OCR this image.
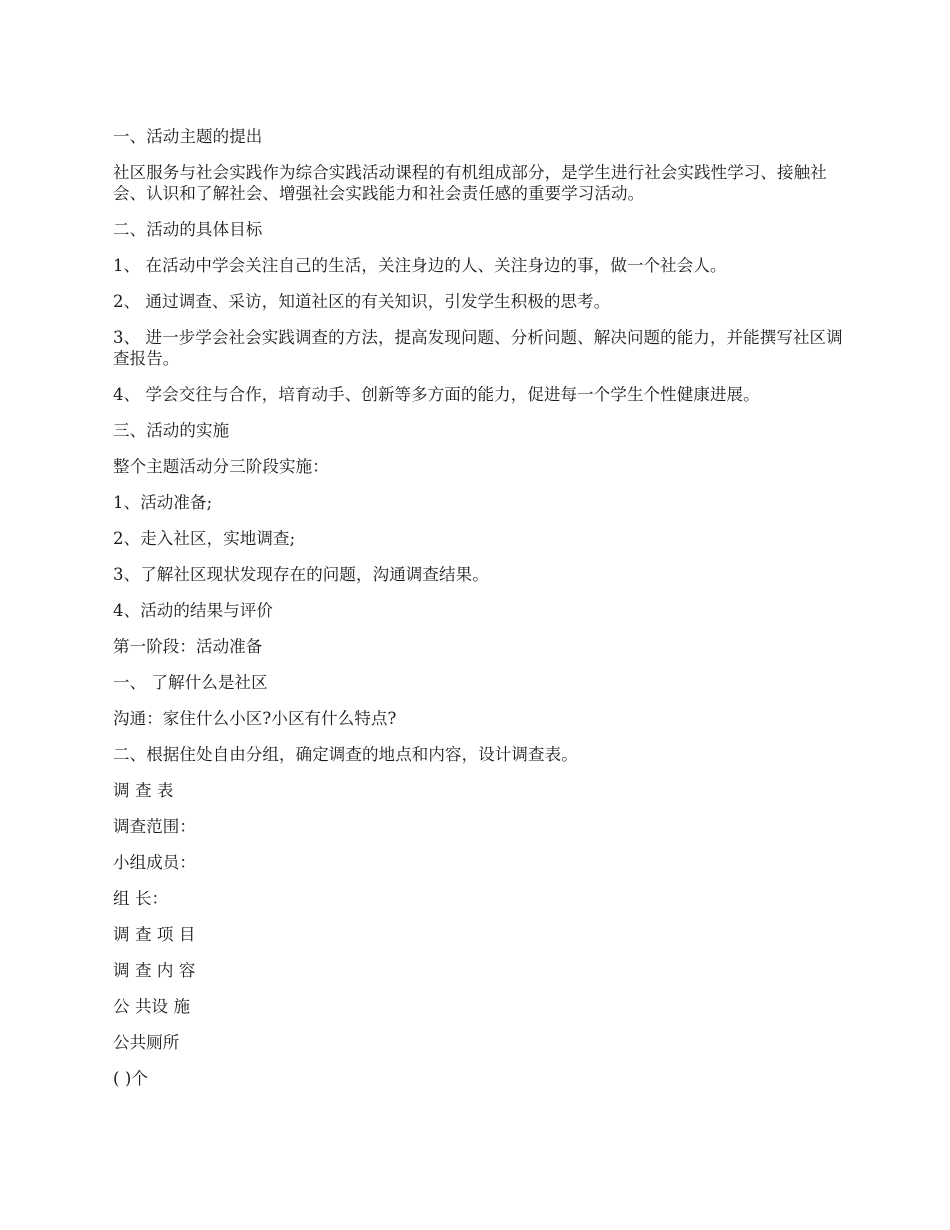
一、活动主题的提出

社区服务与社会实践作为综合实践活动课程的有机组成部分，是学生进行社会实践性学习、接触社会、认识和了解社会、增强社会实践能力和社会责任感的重要学习活动。

二、活动的具体目标

1、 在活动中学会关注自己的生活，关注身边的人、关注身边的事，做一个社会人。

2、 通过调查、采访，知道社区的有关知识，引发学生积极的思考。

3、 进一步学会社会实践调查的方法，提高发现问题、分析问题、解决问题的能力，并能撰写社区调查报告。

4、 学会交往与合作，培育动手、创新等多方面的能力，促进每一个学生个性健康进展。

三、活动的实施

整个主题活动分三阶段实施：

1、活动准备;

2、走入社区，实地调查;

3、了解社区现状发现存在的问题，沟通调查结果。

4、活动的结果与评价

第一阶段：活动准备

一、 了解什么是社区

沟通：家住什么小区?小区有什么特点?

二、根据住处自由分组，确定调查的地点和内容，设计调查表。

调 查 表

调查范围：

小组成员：

组 长：

调 查 项 目

调 查 内 容

公 共设 施

公共厕所

( )个
